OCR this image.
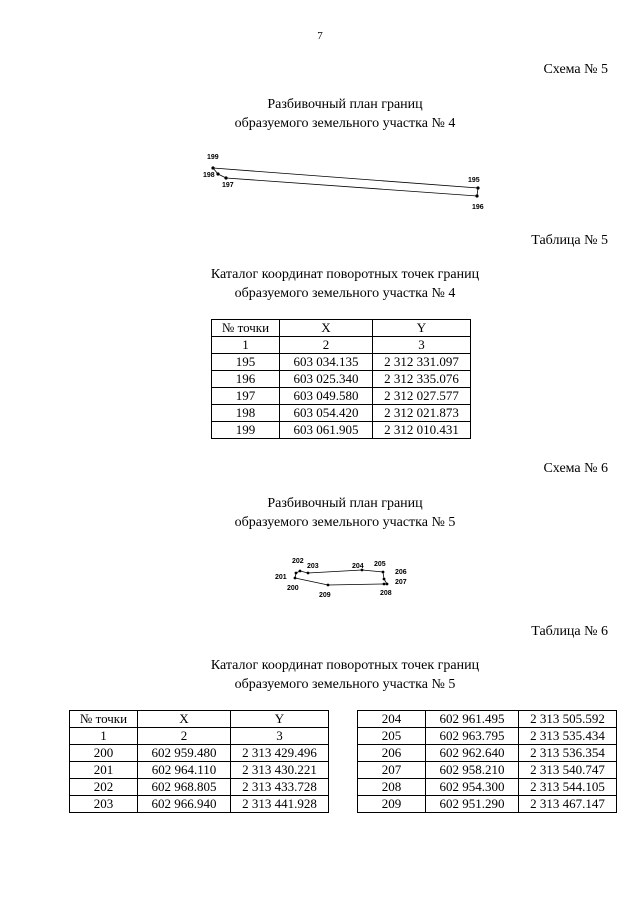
7
Схема № 5
Разбивочный план границ
образуемого земельного участка № 4
199
198
197
195
196
Таблица № 5
Каталог координат поворотных точек границ
образуемого земельного участка № 4
№ точки	X	Y
1	2	3
195	603 034.135	2 312 331.097
196	603 025.340	2 312 335.076
197	603 049.580	2 312 027.577
198	603 054.420	2 312 021.873
199	603 061.905	2 312 010.431
Схема № 6
Разбивочный план границ
образуемого земельного участка № 5
202
203	204 205
206
201
207
200
209	208
Таблица № 6
Каталог координат поворотных точек границ
образуемого земельного участка № 5
№ точки	X	Y
1	2	3
200	602 959.480	2 313 429.496
201	602 964.110	2 313 430.221
202	602 968.805	2 313 433.728
203	602 966.940	2 313 441.928
204	602 961.495	2 313 505.592
205	602 963.795	2 313 535.434
206	602 962.640	2 313 536.354
207	602 958.210	2 313 540.747
208	602 954.300	2 313 544.105
209	602 951.290	2 313 467.147
